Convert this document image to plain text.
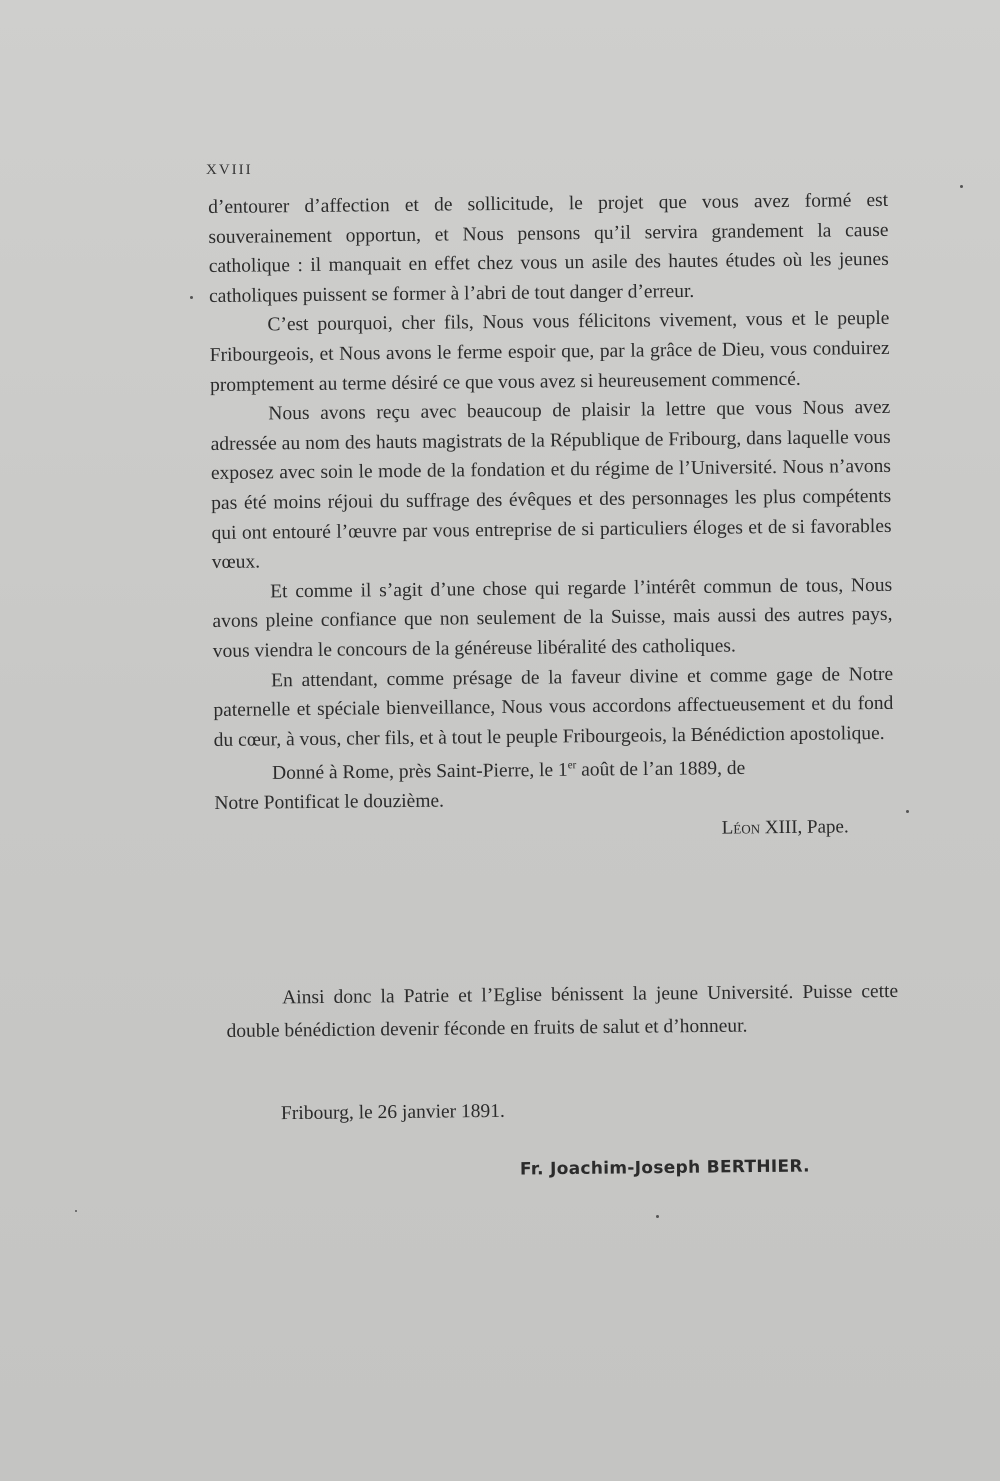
XVIII

d’entourer d’affection et de sollicitude, le projet que vous avez formé est souverainement opportun, et Nous pensons qu’il servira grandement la cause catholique : il manquait en effet chez vous un asile des hautes études où les jeunes catholiques puissent se former à l’abri de tout danger d’erreur.

C’est pourquoi, cher fils, Nous vous félicitons vivement, vous et le peuple Fribourgeois, et Nous avons le ferme espoir que, par la grâce de Dieu, vous conduirez promptement au terme désiré ce que vous avez si heureusement commencé.

Nous avons reçu avec beaucoup de plaisir la lettre que vous Nous avez adressée au nom des hauts magistrats de la République de Fribourg, dans laquelle vous exposez avec soin le mode de la fondation et du régime de l’Université. Nous n’avons pas été moins réjoui du suffrage des évêques et des personnages les plus compétents qui ont entouré l’œuvre par vous entreprise de si particuliers éloges et de si favorables vœux.

Et comme il s’agit d’une chose qui regarde l’intérêt commun de tous, Nous avons pleine confiance que non seulement de la Suisse, mais aussi des autres pays, vous viendra le concours de la généreuse libéralité des catholiques.

En attendant, comme présage de la faveur divine et comme gage de Notre paternelle et spéciale bienveillance, Nous vous accordons affectueusement et du fond du cœur, à vous, cher fils, et à tout le peuple Fribourgeois, la Bénédiction apostolique.

Donné à Rome, près Saint-Pierre, le 1er août de l’an 1889, de

Notre Pontificat le douzième.

Léon XIII, Pape.

Ainsi donc la Patrie et l’Eglise bénissent la jeune Université. Puisse cette double bénédiction devenir féconde en fruits de salut et d’honneur.

Fribourg, le 26 janvier 1891.
Fr. Joachim-Joseph BERTHIER.
